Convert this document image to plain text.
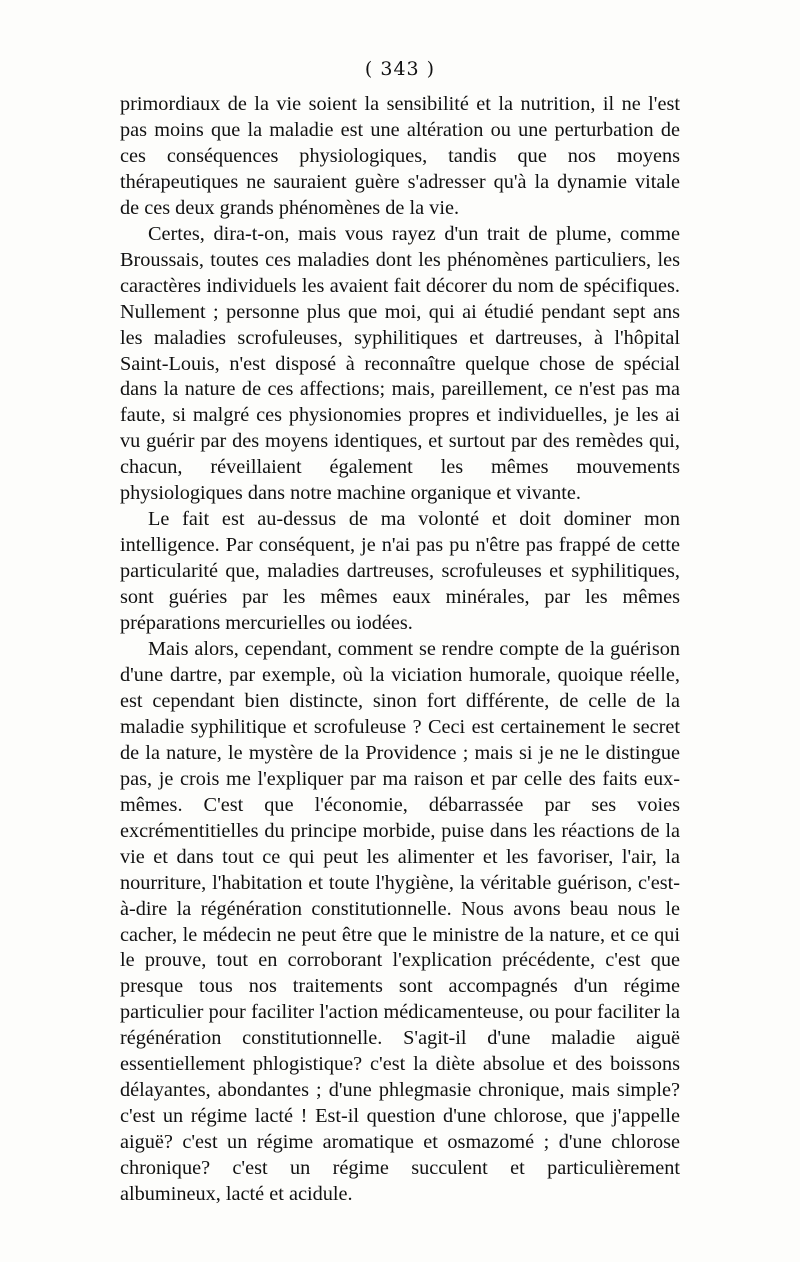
( 343 )

primordiaux de la vie soient la sensibilité et la nutrition, il ne l'est pas moins que la maladie est une altération ou une perturbation de ces conséquences physiologiques, tandis que nos moyens thérapeutiques ne sauraient guère s'adresser qu'à la dynamie vitale de ces deux grands phénomènes de la vie.

Certes, dira-t-on, mais vous rayez d'un trait de plume, comme Broussais, toutes ces maladies dont les phénomènes particuliers, les caractères individuels les avaient fait décorer du nom de spécifiques. Nullement ; personne plus que moi, qui ai étudié pendant sept ans les maladies scrofuleuses, syphilitiques et dartreuses, à l'hôpital Saint-Louis, n'est disposé à reconnaître quelque chose de spécial dans la nature de ces affections; mais, pareillement, ce n'est pas ma faute, si malgré ces physionomies propres et individuelles, je les ai vu guérir par des moyens identiques, et surtout par des remèdes qui, chacun, réveillaient également les mêmes mouvements physiologiques dans notre machine organique et vivante.

Le fait est au-dessus de ma volonté et doit dominer mon intelligence. Par conséquent, je n'ai pas pu n'être pas frappé de cette particularité que, maladies dartreuses, scrofuleuses et syphilitiques, sont guéries par les mêmes eaux minérales, par les mêmes préparations mercurielles ou iodées.

Mais alors, cependant, comment se rendre compte de la guérison d'une dartre, par exemple, où la viciation humorale, quoique réelle, est cependant bien distincte, sinon fort différente, de celle de la maladie syphilitique et scrofuleuse ? Ceci est certainement le secret de la nature, le mystère de la Providence ; mais si je ne le distingue pas, je crois me l'expliquer par ma raison et par celle des faits eux-mêmes. C'est que l'économie, débarrassée par ses voies excrémentitielles du principe morbide, puise dans les réactions de la vie et dans tout ce qui peut les alimenter et les favoriser, l'air, la nourriture, l'habitation et toute l'hygiène, la véritable guérison, c'est-à-dire la régénération constitutionnelle. Nous avons beau nous le cacher, le médecin ne peut être que le ministre de la nature, et ce qui le prouve, tout en corroborant l'explication précédente, c'est que presque tous nos traitements sont accompagnés d'un régime particulier pour faciliter l'action médicamenteuse, ou pour faciliter la régénération constitutionnelle. S'agit-il d'une maladie aiguë essentiellement phlogistique? c'est la diète absolue et des boissons délayantes, abondantes ; d'une phlegmasie chronique, mais simple? c'est un régime lacté ! Est-il question d'une chlorose, que j'appelle aiguë? c'est un régime aromatique et osmazomé ; d'une chlorose chronique? c'est un régime succulent et particulièrement albumineux, lacté et acidule.
